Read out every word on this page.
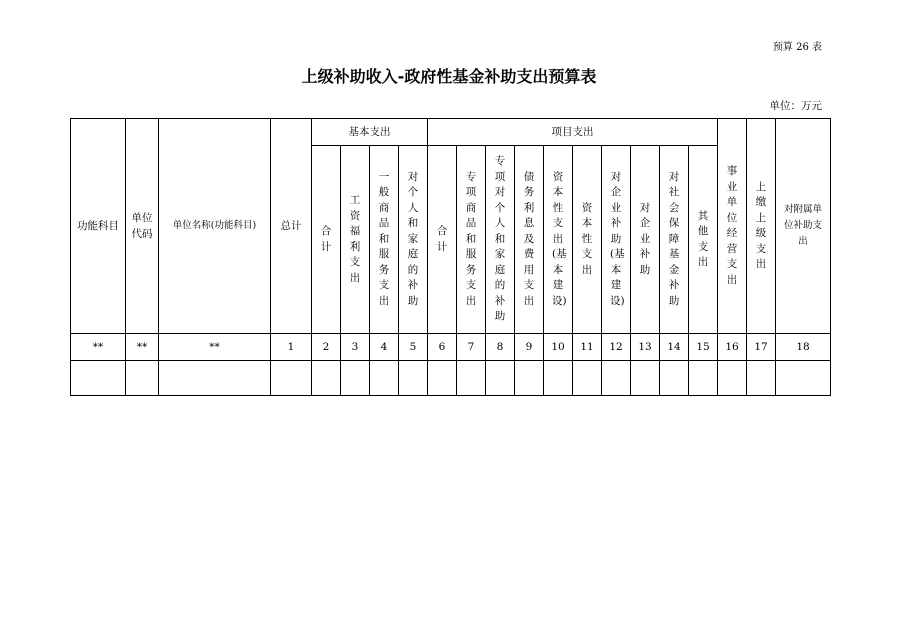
预算 26 表
上级补助收入-政府性基金补助支出预算表
单位：万元
功能科目	单位代码	单位名称(功能科目)	总计	基本支出				项目支出										事业单位经营支出	上缴上级支出	对附属单位补助支出

				合计	工资福利支出	一般商品和服务支出	对个人和家庭的补助	合计	专项商品和服务支出	专项对个人和家庭的补助	债务利息及费用支出	资本性支出(基本建设)	资本性支出	对企业补助(基本建设)	对企业补助	对社会保障基金补助	其他支出			

**	**	**	1	2	3	4	5	6	7	8	9	10	11	12	13	14	15	16	17	18
